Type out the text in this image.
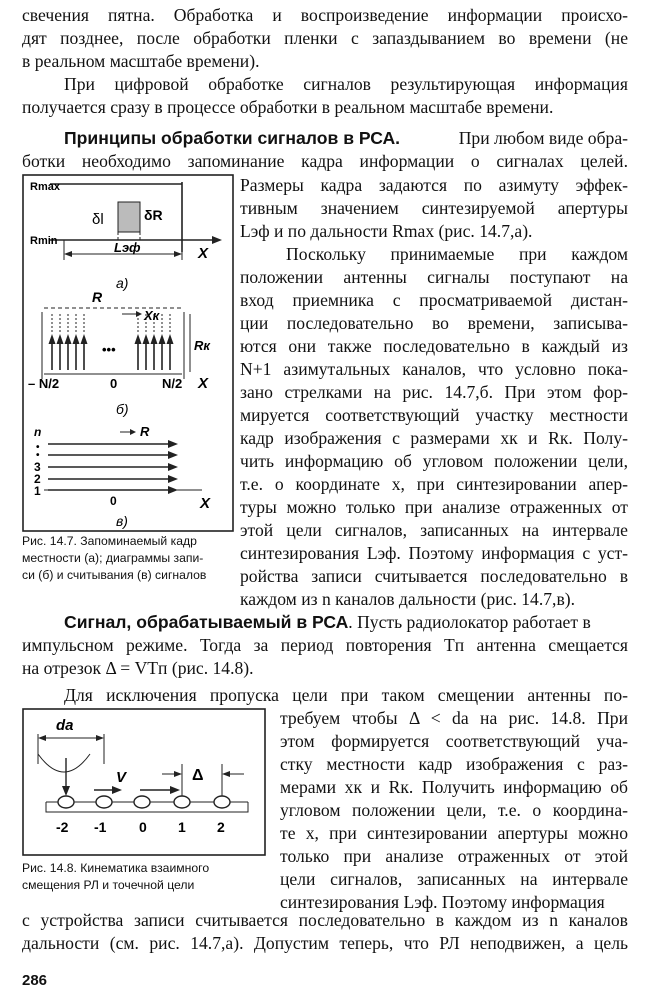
свечения пятна. Обработка и воспроизведение информации происхо-
дят позднее, после обработки пленки с запаздыванием во времени (не
в реальном масштабе времени).
При цифровой обработке сигналов результирующая информация
получается сразу в процессе обработки в реальном масштабе времени.
Принципы обработки сигналов в РСА.	При любом виде обра-
ботки необходимо запоминание кадра информации о сигналах целей.
Размеры кадра задаются по азимуту эффек-
тивным значением синтезируемой апертуры
Lэф и по дальности Rmax (рис. 14.7,а).
Поскольку принимаемые при каждом
положении антенны сигналы поступают на
вход приемника с просматриваемой дистан-
ции последовательно во времени, записыва-
ются они также последовательно в каждый из
N+1 азимутальных каналов, что условно пока-
зано стрелками на рис. 14.7,б. При этом фор-
мируется соответствующий участку местности
кадр изображения с размерами xк и Rк. Полу-
чить информацию об угловом положении цели,
т.е. о координате x, при синтезировании апер-
туры можно только при анализе отраженных от
этой цели сигналов, записанных на интервале
синтезирования Lэф. Поэтому информация с уст-
ройства записи считывается последовательно в
каждом из n каналов дальности (рис. 14.7,в).
Rmax
Rmin
δl	δR
Lэф	X
а)
R
Xк
Rк
•••
– N/2	0	N/2 X
б)
R
n
•
•
3
2
1
0	X
в)
Рис. 14.7. Запоминаемый кадр
местности (а); диаграммы запи-
си (б) и считывания (в) сигналов
Сигнал, обрабатываемый в РСА. Пусть радиолокатор работает в
импульсном режиме. Тогда за период повторения Tп антенна смещается
на отрезок Δ = VTп (рис. 14.8).
Для исключения пропуска цели при таком смещении антенны по-
требуем чтобы Δ < dа на рис. 14.8. При
этом формируется соответствующий уча-
стку местности кадр изображения с раз-
мерами xк и Rк. Получить информацию об
угловом положении цели, т.е. о координа-
те x, при синтезировании апертуры можно
только при анализе отраженных от этой
цели сигналов, записанных на интервале
синтезирования Lэф. Поэтому информация
dа
V	Δ
-2 -1 0 1 2
Рис. 14.8. Кинематика взаимного
смещения РЛ и точечной цели
с устройства записи считывается последовательно в каждом из n каналов
дальности (см. рис. 14.7,а). Допустим теперь, что РЛ неподвижен, а цель
286
